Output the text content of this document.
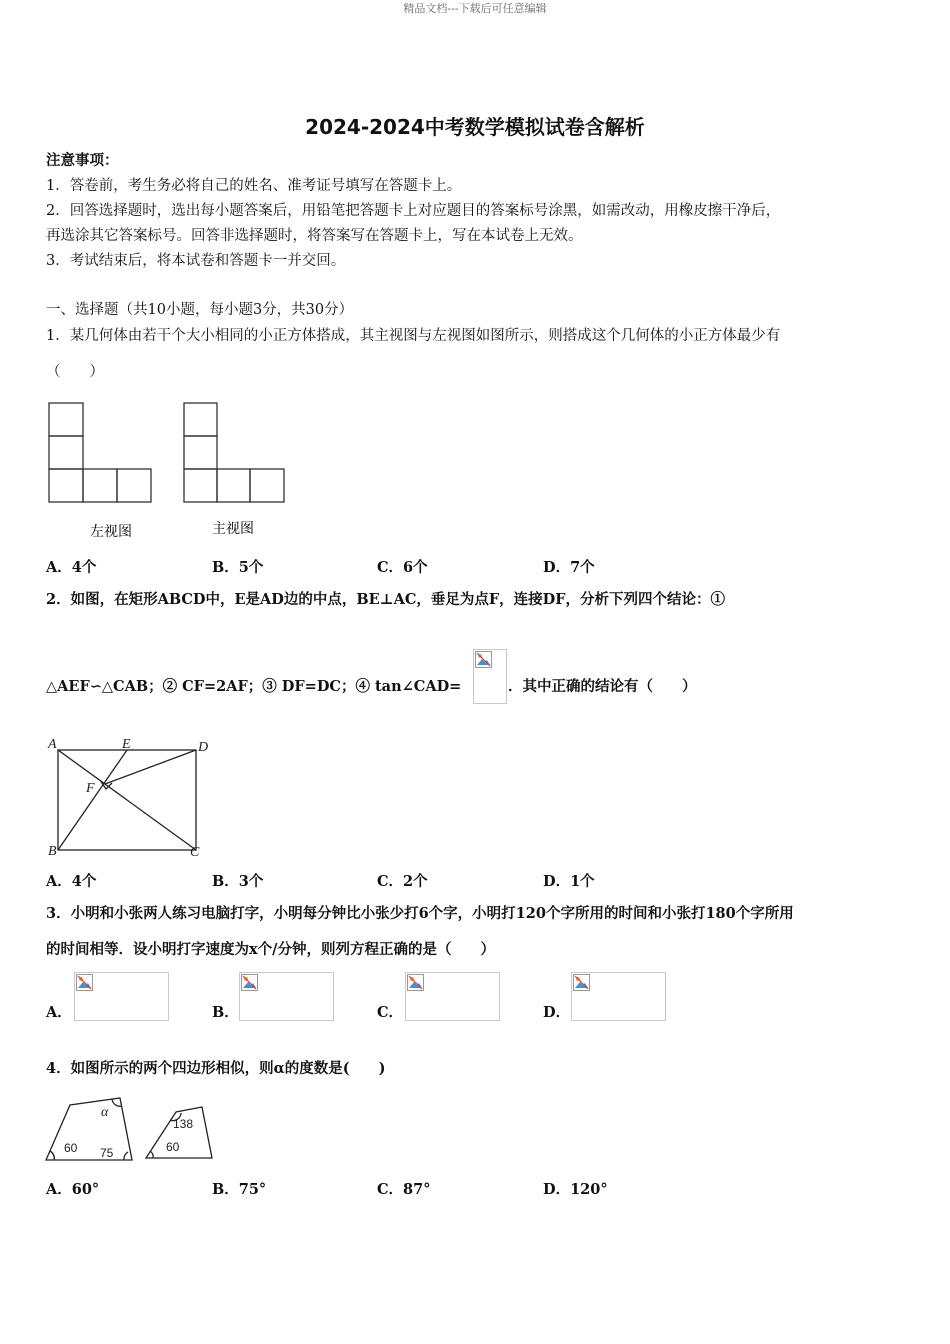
精品文档---下载后可任意编辑
2024-2024中考数学模拟试卷含解析
注意事项：
1．答卷前，考生务必将自己的姓名、准考证号填写在答题卡上。
2．回答选择题时，选出每小题答案后，用铅笔把答题卡上对应题目的答案标号涂黑，如需改动，用橡皮擦干净后，
再选涂其它答案标号。回答非选择题时，将答案写在答题卡上，写在本试卷上无效。
3．考试结束后，将本试卷和答题卡一并交回。
一、选择题（共10小题，每小题3分，共30分）
1．某几何体由若干个大小相同的小正方体搭成，其主视图与左视图如图所示，则搭成这个几何体的小正方体最少有
（　　）
左视图	主视图
A．4个	B．5个	C．6个	D．7个
2．如图，在矩形ABCD中，E是AD边的中点，BE⊥AC，垂足为点F，连接DF，分析下列四个结论：①
△AEF∽△CAB；② CF=2AF；③ DF=DC；④ tan∠CAD=	．其中正确的结论有（　　）
A	E	D
F
B	C
A．4个	B．3个	C．2个	D．1个
3．小明和小张两人练习电脑打字，小明每分钟比小张少打6个字，小明打120个字所用的时间和小张打180个字所用
的时间相等．设小明打字速度为x个/分钟，则列方程正确的是（　　）
A．	B．	C．	D．
4．如图所示的两个四边形相似，则α的度数是(　　)
α
60 75
138
60
A．60°	B．75°	C．87°	D．120°
